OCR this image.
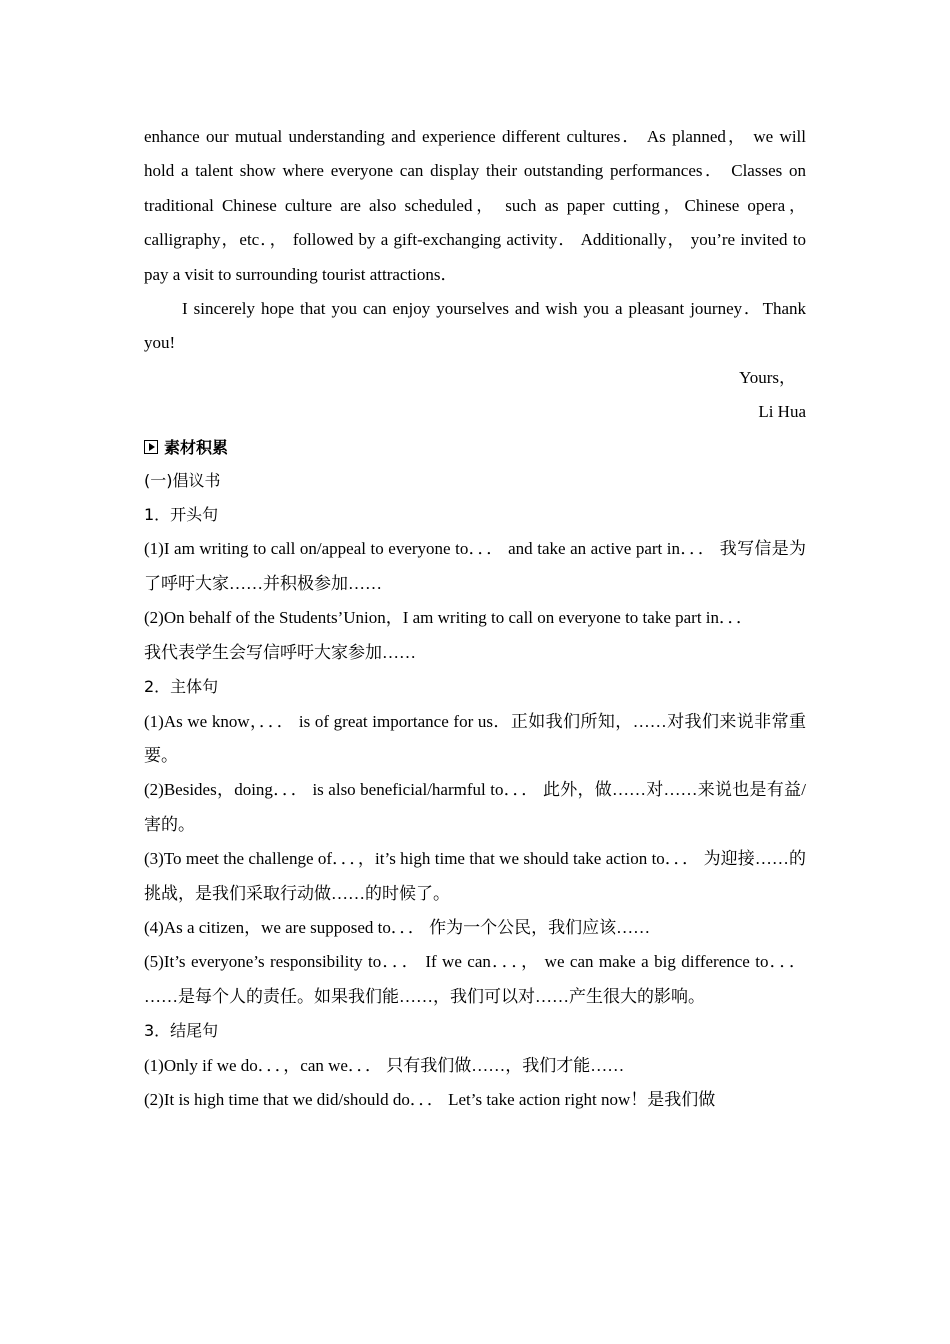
enhance our mutual understanding and experience different cultures． As planned， we will hold a talent show where everyone can display their outstanding performances． Classes on traditional Chinese culture are also scheduled， such as paper cutting，Chinese opera，calligraphy，etc．， followed by a gift-exchanging activity． Additionally， you’re invited to pay a visit to surrounding tourist attractions．

I sincerely hope that you can enjoy yourselves and wish you a pleasant journey．Thank you!

Yours，

Li Hua

素材积累

(一)倡议书

1．开头句

(1)I am writing to call on/appeal to everyone to．．． and take an active part in．．． 我写信是为了呼吁大家……并积极参加……

(2)On behalf of the Students’Union，I am writing to call on everyone to take part in．．．

我代表学生会写信呼吁大家参加……

2．主体句

(1)As we know，．．． is of great importance for us．正如我们所知，……对我们来说非常重要。

(2)Besides，doing．．． is also beneficial/harmful to．．． 此外，做……对……来说也是有益/害的。

(3)To meet the challenge of．．．，it’s high time that we should take action to．．． 为迎接……的挑战，是我们采取行动做……的时候了。

(4)As a citizen，we are supposed to．．． 作为一个公民，我们应该……

(5)It’s everyone’s responsibility to．．． If we can．．．， we can make a big difference to．．． ……是每个人的责任。如果我们能……，我们可以对……产生很大的影响。

3．结尾句

(1)Only if we do．．．，can we．．． 只有我们做……，我们才能……

(2)It is high time that we did/should do．．． Let’s take action right now！是我们做
